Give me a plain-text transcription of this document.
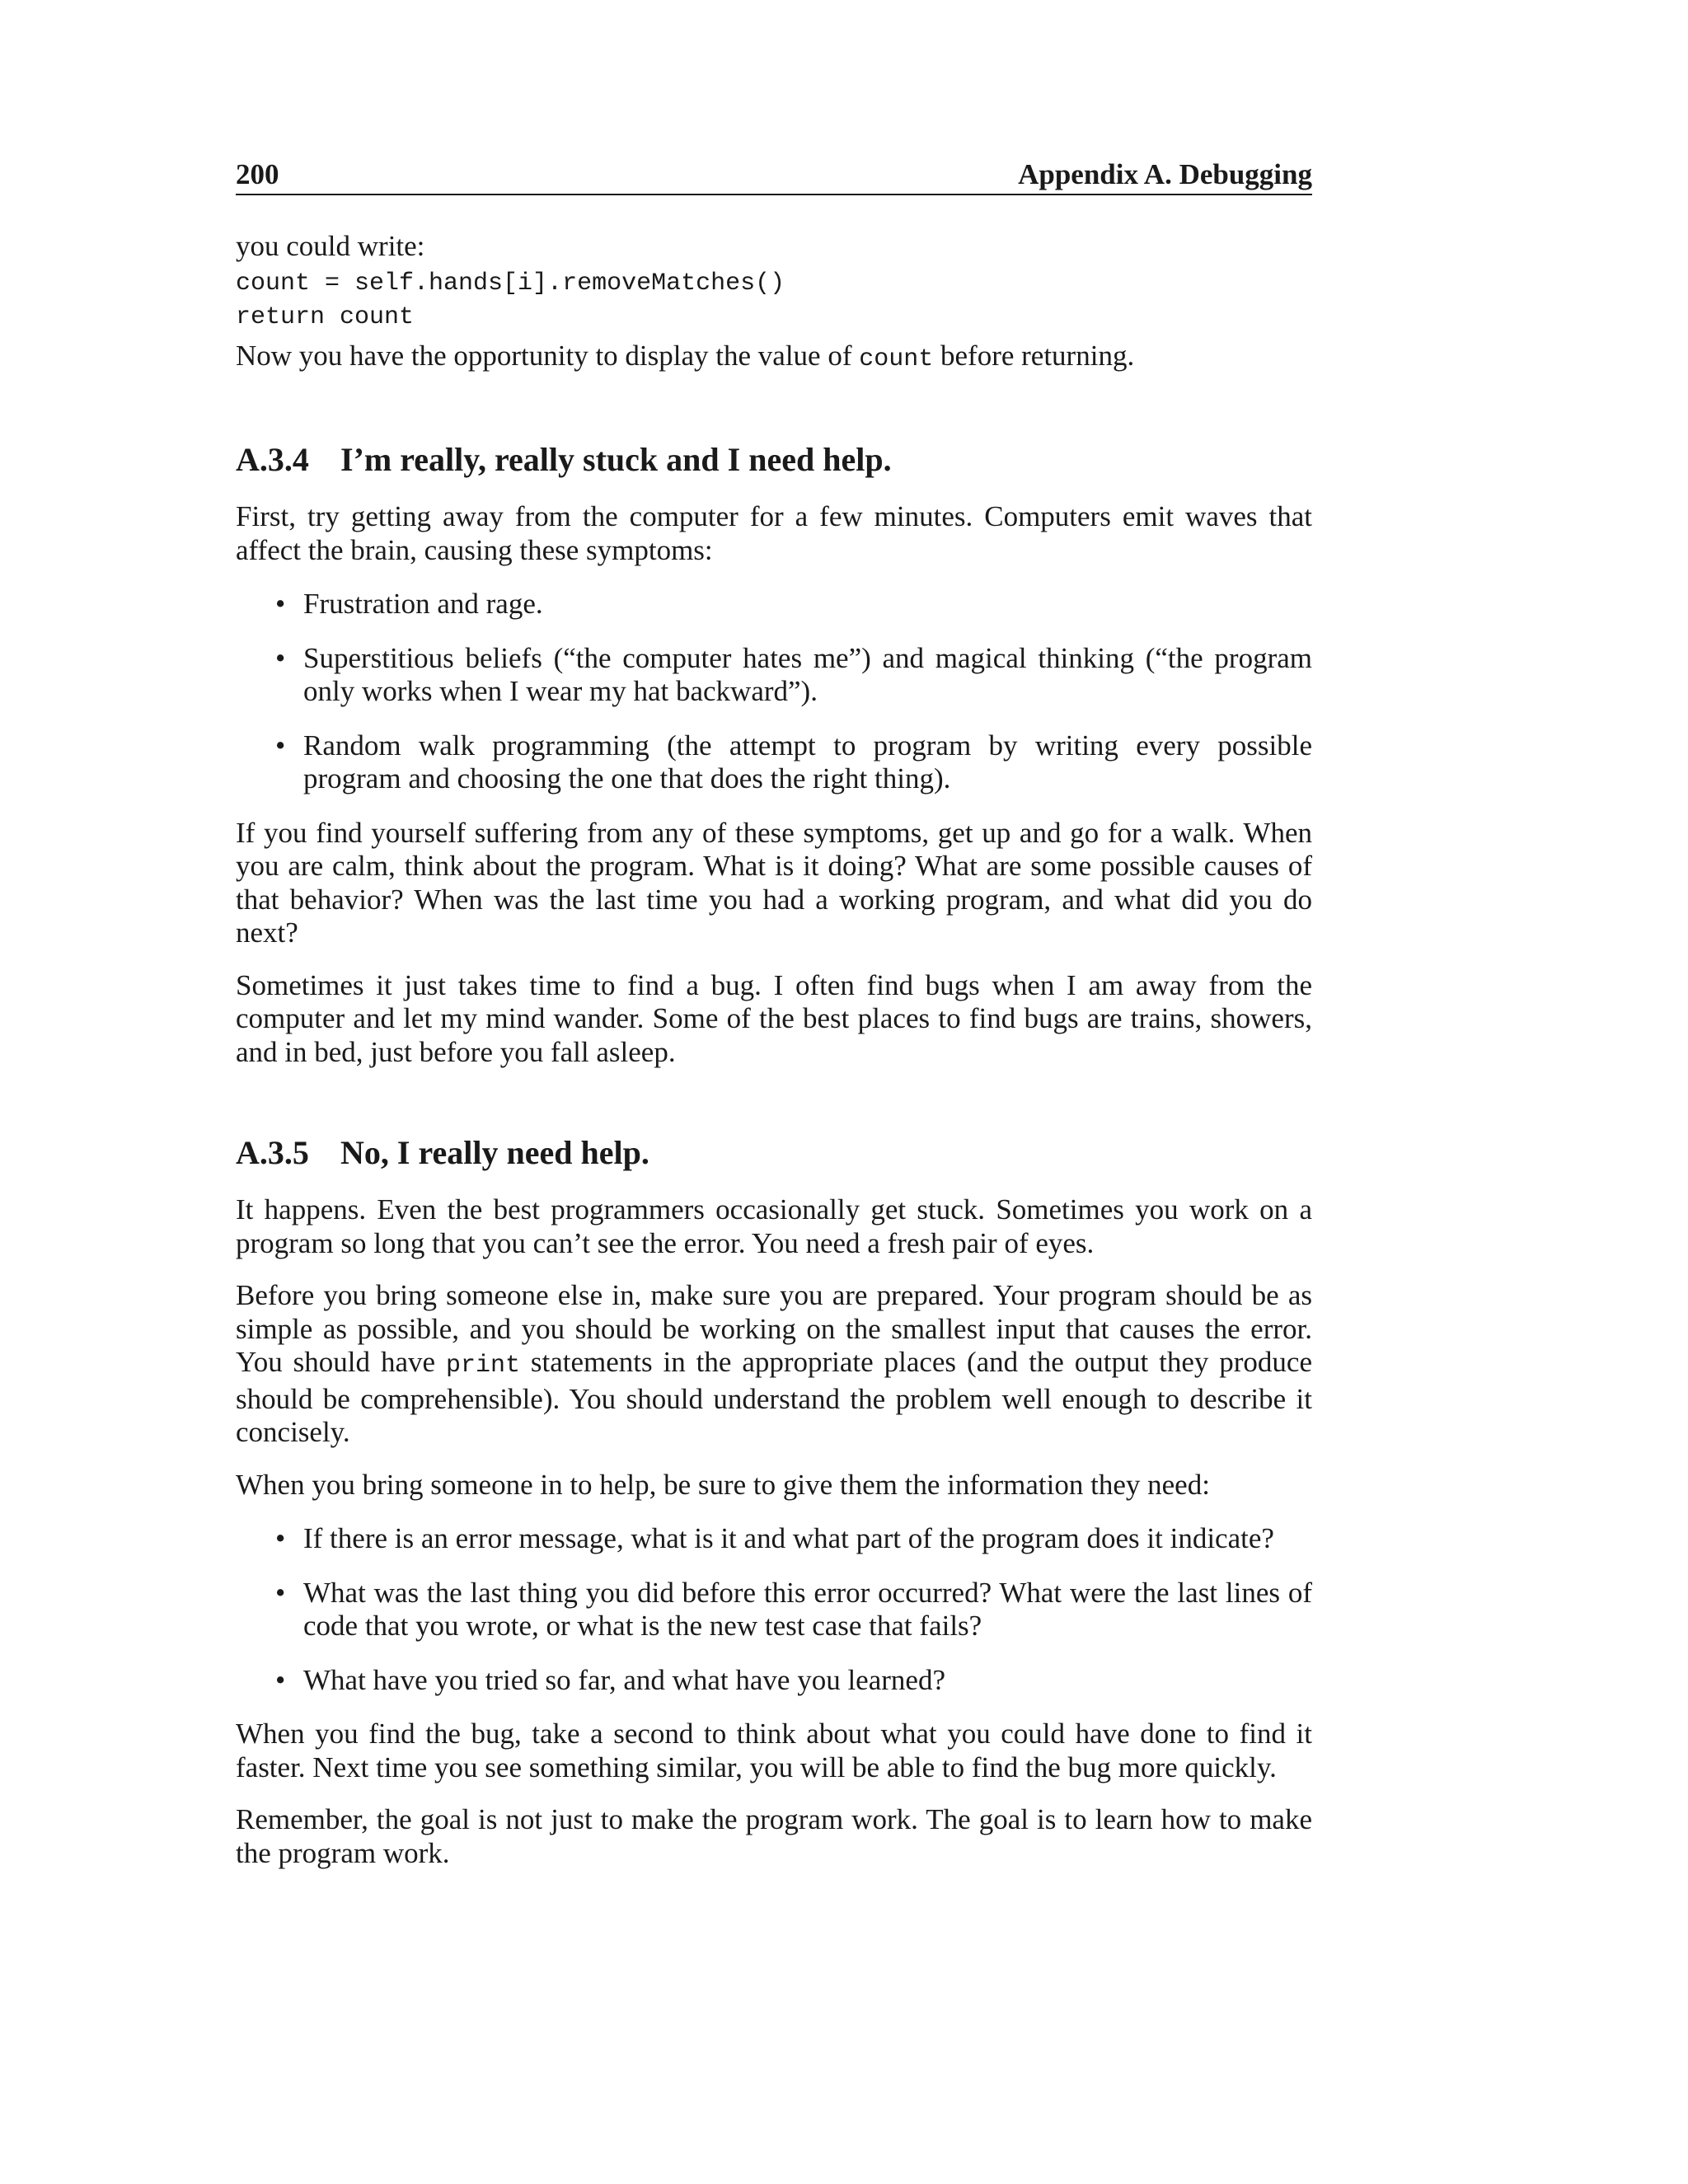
200	Appendix A. Debugging

you could write:

count = self.hands[i].removeMatches()
return count

Now you have the opportunity to display the value of count before returning.

A.3.4 I’m really, really stuck and I need help.

First, try getting away from the computer for a few minutes. Computers emit waves that affect the brain, causing these symptoms:

• Frustration and rage.
• Superstitious beliefs (“the computer hates me”) and magical thinking (“the program only works when I wear my hat backward”).
• Random walk programming (the attempt to program by writing every possible program and choosing the one that does the right thing).

If you find yourself suffering from any of these symptoms, get up and go for a walk. When you are calm, think about the program. What is it doing? What are some possible causes of that behavior? When was the last time you had a working program, and what did you do next?

Sometimes it just takes time to find a bug. I often find bugs when I am away from the computer and let my mind wander. Some of the best places to find bugs are trains, showers, and in bed, just before you fall asleep.

A.3.5 No, I really need help.

It happens. Even the best programmers occasionally get stuck. Sometimes you work on a program so long that you can’t see the error. You need a fresh pair of eyes.

Before you bring someone else in, make sure you are prepared. Your program should be as simple as possible, and you should be working on the smallest input that causes the error. You should have print statements in the appropriate places (and the output they produce should be comprehensible). You should understand the problem well enough to describe it concisely.

When you bring someone in to help, be sure to give them the information they need:

• If there is an error message, what is it and what part of the program does it indicate?
• What was the last thing you did before this error occurred? What were the last lines of code that you wrote, or what is the new test case that fails?
• What have you tried so far, and what have you learned?

When you find the bug, take a second to think about what you could have done to find it faster. Next time you see something similar, you will be able to find the bug more quickly.

Remember, the goal is not just to make the program work. The goal is to learn how to make the program work.
